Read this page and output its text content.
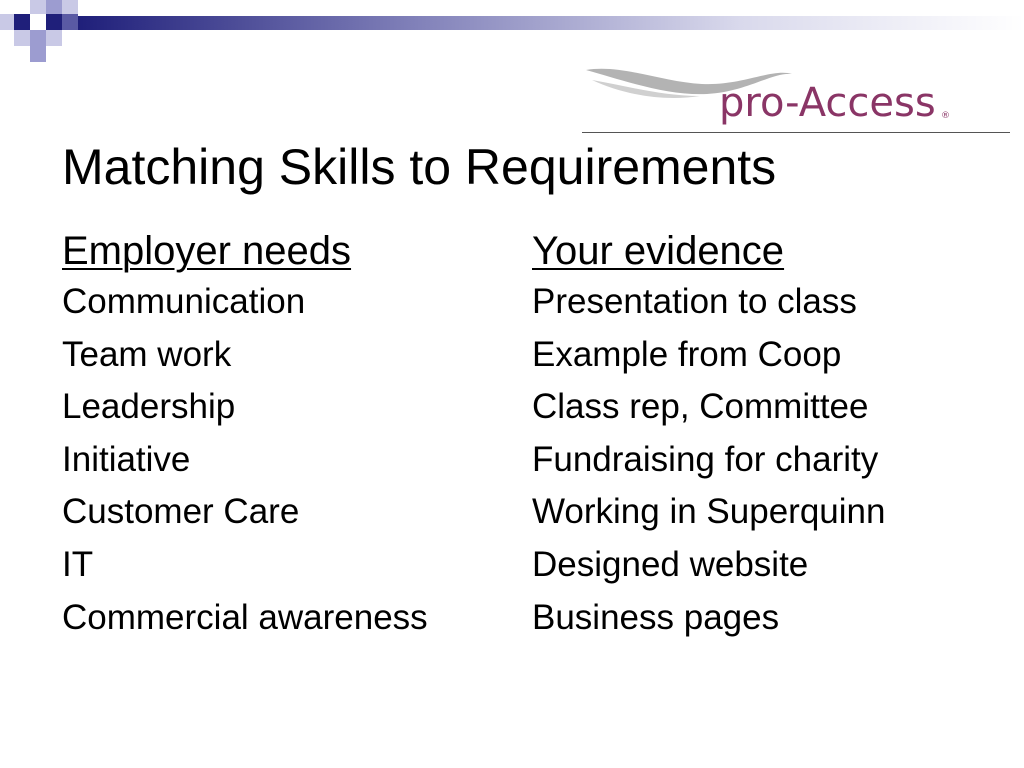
pro-Access ®
Matching Skills to Requirements
Employer needs
Communication
Team work
Leadership
Initiative
Customer Care
IT
Commercial awareness
Your evidence
Presentation to class
Example from Coop
Class rep, Committee
Fundraising for charity
Working in Superquinn
Designed website
Business pages
